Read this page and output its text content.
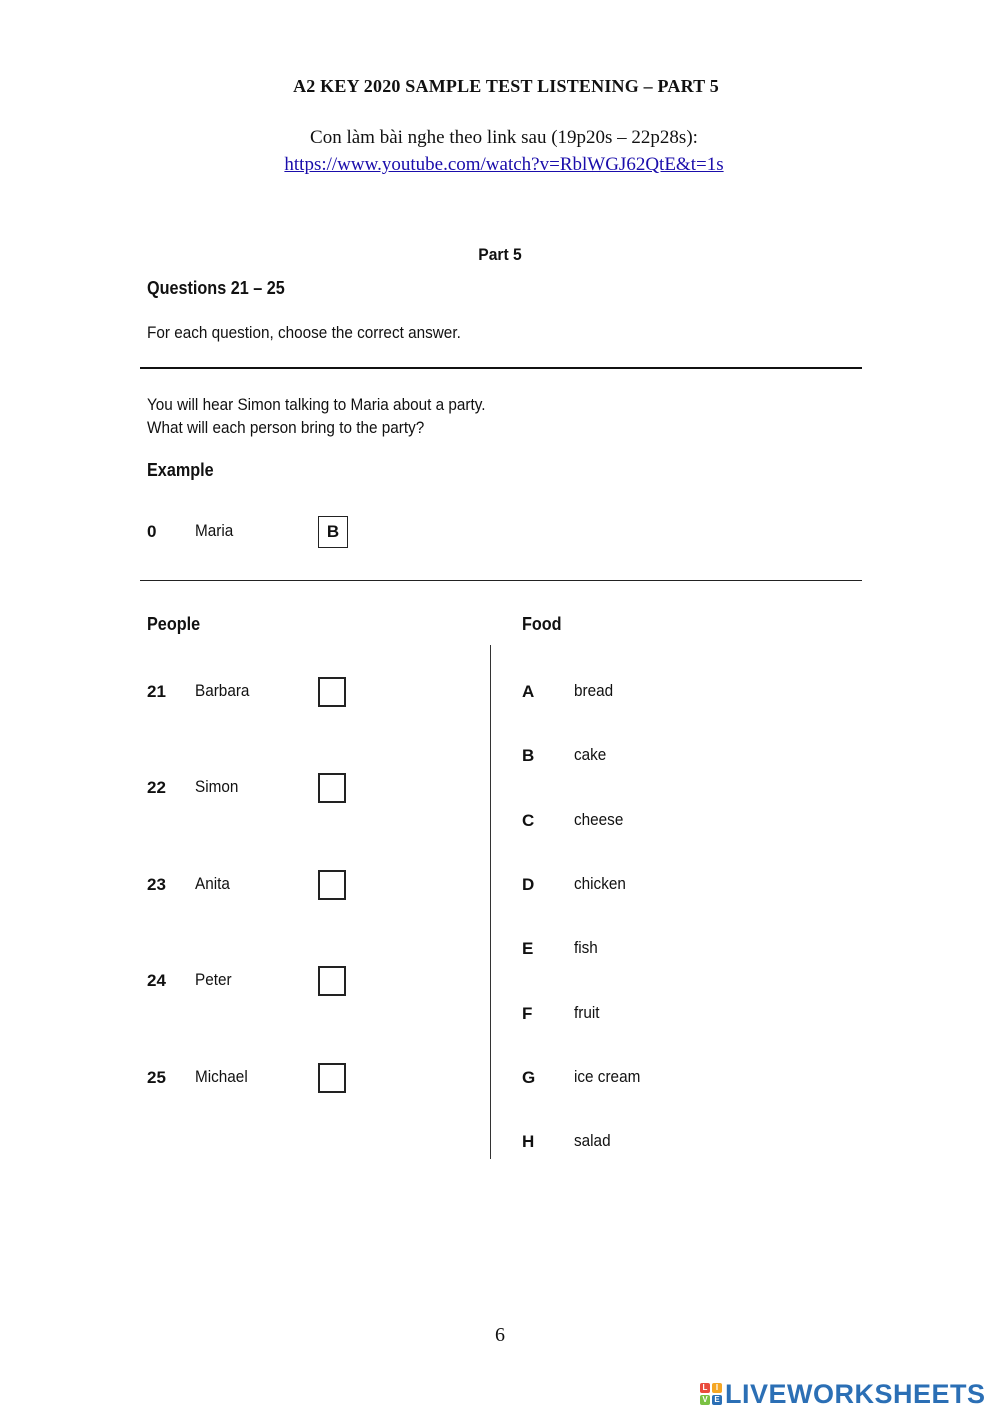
A2 KEY 2020 SAMPLE TEST LISTENING – PART 5
Con làm bài nghe theo link sau (19p20s – 22p28s):
https://www.youtube.com/watch?v=RblWGJ62QtE&t=1s
Part 5
Questions 21 – 25
For each question, choose the correct answer.
You will hear Simon talking to Maria about a party.
What will each person bring to the party?
Example
0 Maria	B
People	Food
21 Barbara
22 Simon
23 Anita
24 Peter
25 Michael
A bread
B cake
C cheese
D chicken
E fish
F fruit
G ice cream
H salad
6
L	I
V E LIVEWORKSHEETS
